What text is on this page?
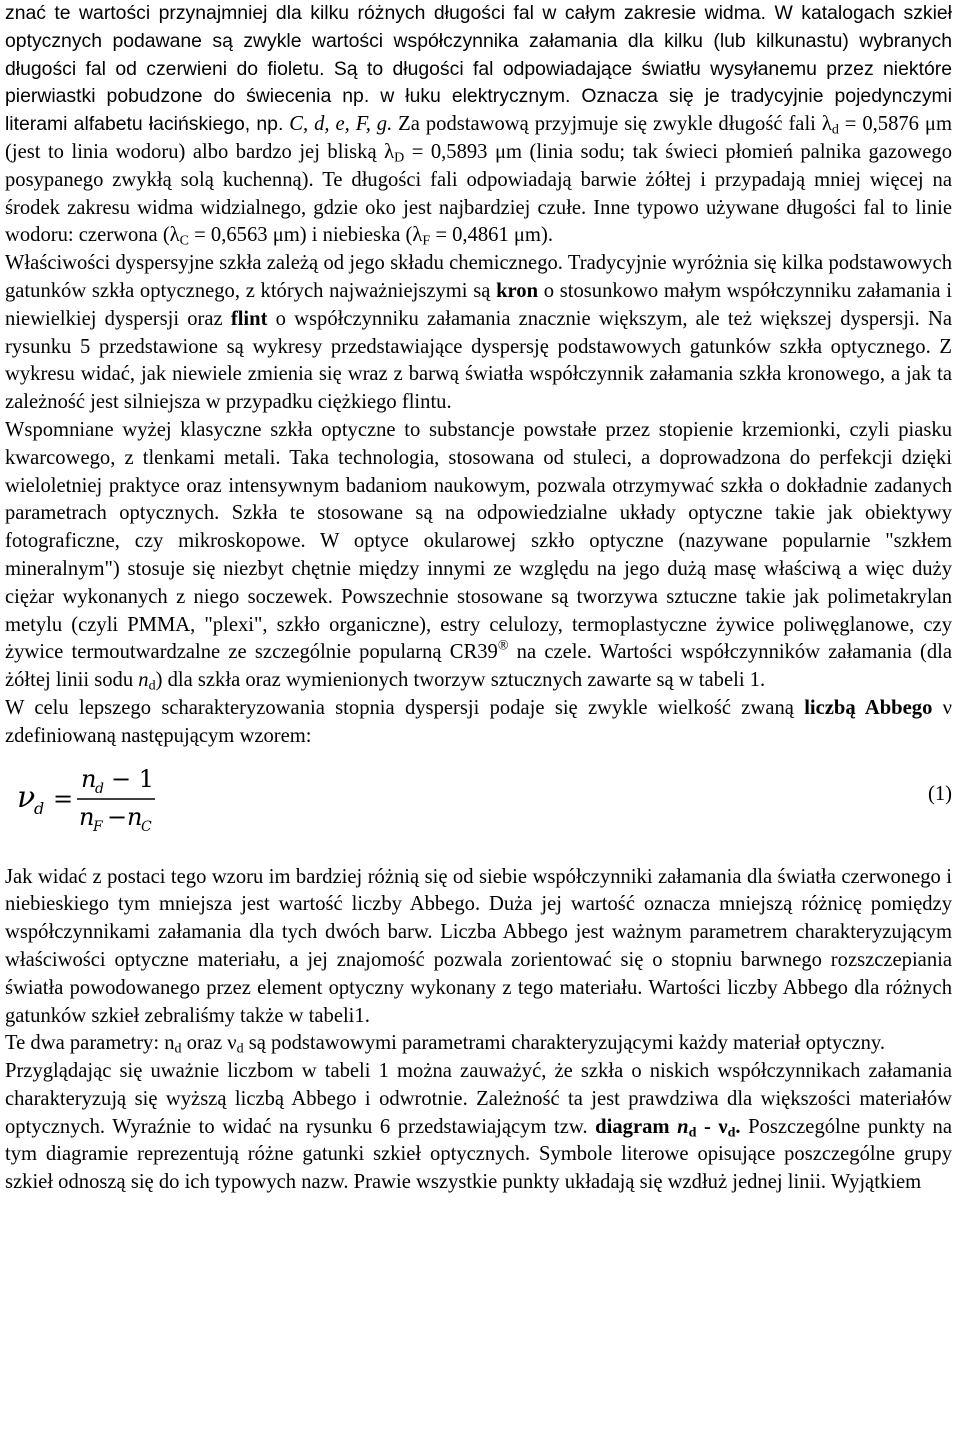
znać te wartości przynajmniej dla kilku różnych długości fal w całym zakresie widma. W katalogach szkieł optycznych podawane są zwykle wartości współczynnika załamania dla kilku (lub kilkunastu) wybranych długości fal od czerwieni do fioletu. Są to długości fal odpowiadające światłu wysyłanemu przez niektóre pierwiastki pobudzone do świecenia np. w łuku elektrycznym. Oznacza się je tradycyjnie pojedynczymi literami alfabetu łacińskiego, np. C, d, e, F, g. Za podstawową przyjmuje się zwykle długość fali $\lambda_d = 0,5876$ μm (jest to linia wodoru) albo bardzo jej bliską $\lambda_D = 0,5893$ μm (linia sodu; tak świeci płomień palnika gazowego posypanego zwykłą solą kuchenną). Te długości fali odpowiadają barwie żółtej i przypadają mniej więcej na środek zakresu widma widzialnego, gdzie oko jest najbardziej czułe. Inne typowo używane długości fal to linie wodoru: czerwona ($\lambda_C = 0,6563$ μm) i niebieska ($\lambda_F = 0,4861$ μm).

Właściwości dyspersyjne szkła zależą od jego składu chemicznego. Tradycyjnie wyróżnia się kilka podstawowych gatunków szkła optycznego, z których najważniejszymi są kron o stosunkowo małym współczynniku załamania i niewielkiej dyspersji oraz flint o współczynniku załamania znacznie większym, ale też większej dyspersji. Na rysunku 5 przedstawione są wykresy przedstawiające dyspersję podstawowych gatunków szkła optycznego. Z wykresu widać, jak niewiele zmienia się wraz z barwą światła współczynnik załamania szkła kronowego, a jak ta zależność jest silniejsza w przypadku ciężkiego flintu.

Wspomniane wyżej klasyczne szkła optyczne to substancje powstałe przez stopienie krzemionki, czyli piasku kwarcowego, z tlenkami metali. Taka technologia, stosowana od stuleci, a doprowadzona do perfekcji dzięki wieloletniej praktyce oraz intensywnym badaniom naukowym, pozwala otrzymywać szkła o dokładnie zadanych parametrach optycznych. Szkła te stosowane są na odpowiedzialne układy optyczne takie jak obiektywy fotograficzne, czy mikroskopowe. W optyce okularowej szkło optyczne (nazywane popularnie "szkłem mineralnym") stosuje się niezbyt chętnie między innymi ze względu na jego dużą masę właściwą a więc duży ciężar wykonanych z niego soczewek. Powszechnie stosowane są tworzywa sztuczne takie jak polimetakrylan metylu (czyli PMMA, "plexi", szkło organiczne), estry celulozy, termoplastyczne żywice poliwęglanowe, czy żywice termoutwardzalne ze szczególnie popularną CR39® na czele. Wartości współczynników załamania (dla żółtej linii sodu $n_d$) dla szkła oraz wymienionych tworzyw sztucznych zawarte są w tabeli 1.

W celu lepszego scharakteryzowania stopnia dyspersji podaje się zwykle wielkość zwaną liczbą Abbego ν zdefiniowaną następującym wzorem:

ν
d =
n
d − 1
n
F − n
C
(1)

Jak widać z postaci tego wzoru im bardziej różnią się od siebie współczynniki załamania dla światła czerwonego i niebieskiego tym mniejsza jest wartość liczby Abbego. Duża jej wartość oznacza mniejszą różnicę pomiędzy współczynnikami załamania dla tych dwóch barw. Liczba Abbego jest ważnym parametrem charakteryzującym właściwości optyczne materiału, a jej znajomość pozwala zorientować się o stopniu barwnego rozszczepiania światła powodowanego przez element optyczny wykonany z tego materiału. Wartości liczby Abbego dla różnych gatunków szkieł zebraliśmy także w tabeli1.

Te dwa parametry: $n_d$ oraz $\nu_d$ są podstawowymi parametrami charakteryzującymi każdy materiał optyczny.

Przyglądając się uważnie liczbom w tabeli 1 można zauważyć, że szkła o niskich współczynnikach załamania charakteryzują się wyższą liczbą Abbego i odwrotnie. Zależność ta jest prawdziwa dla większości materiałów optycznych. Wyraźnie to widać na rysunku 6 przedstawiającym tzw. diagram $n_d - \nu_d$. Poszczególne punkty na tym diagramie reprezentują różne gatunki szkieł optycznych. Symbole literowe opisujące poszczególne grupy szkieł odnoszą się do ich typowych nazw. Prawie wszystkie punkty układają się wzdłuż jednej linii. Wyjątkiem
